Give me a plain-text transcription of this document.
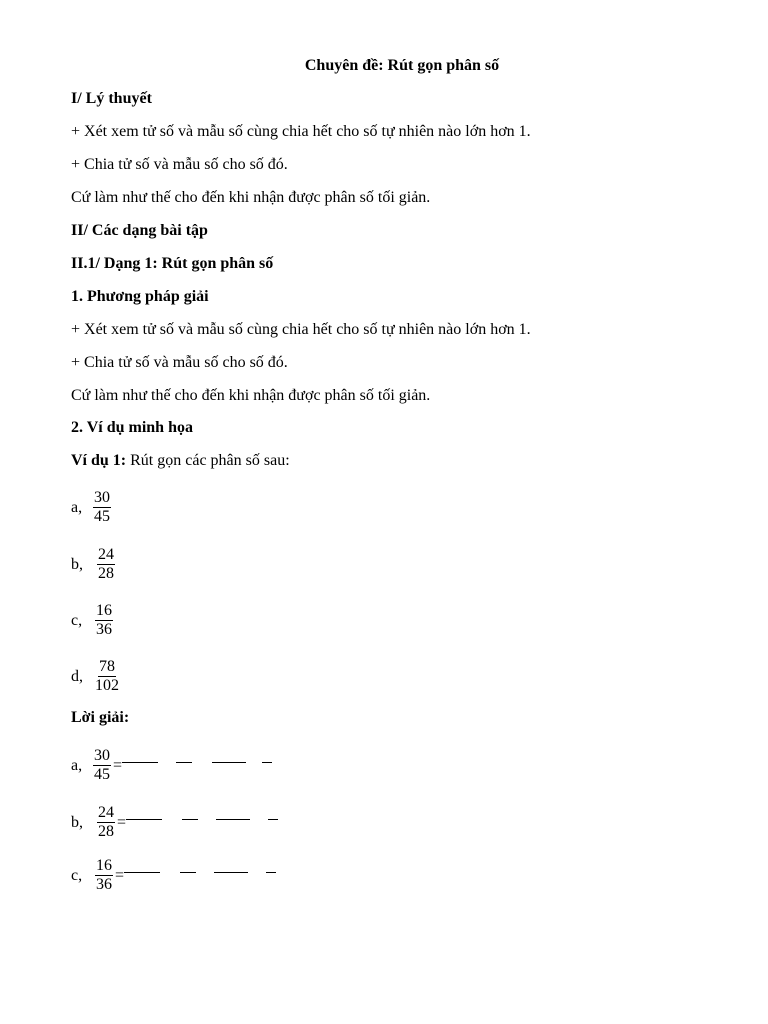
Chuyên đề: Rút gọn phân số
I/ Lý thuyết
+ Xét xem tử số và mẫu số cùng chia hết cho số tự nhiên nào lớn hơn 1.
+ Chia tử số và mẫu số cho số đó.
Cứ làm như thế cho đến khi nhận được phân số tối giản.
II/ Các dạng bài tập
II.1/ Dạng 1: Rút gọn phân số
1. Phương pháp giải
+ Xét xem tử số và mẫu số cùng chia hết cho số tự nhiên nào lớn hơn 1.
+ Chia tử số và mẫu số cho số đó.
Cứ làm như thế cho đến khi nhận được phân số tối giản.
2. Ví dụ minh họa
Ví dụ 1: Rút gọn các phân số sau:
a, $\frac{30}{45}$
b, $\frac{24}{28}$
c, $\frac{16}{36}$
d, $\frac{78}{102}$
Lời giải:
a, $\frac{30}{45}$ =
b, $\frac{24}{28}$ =
c, $\frac{16}{36}$ =
